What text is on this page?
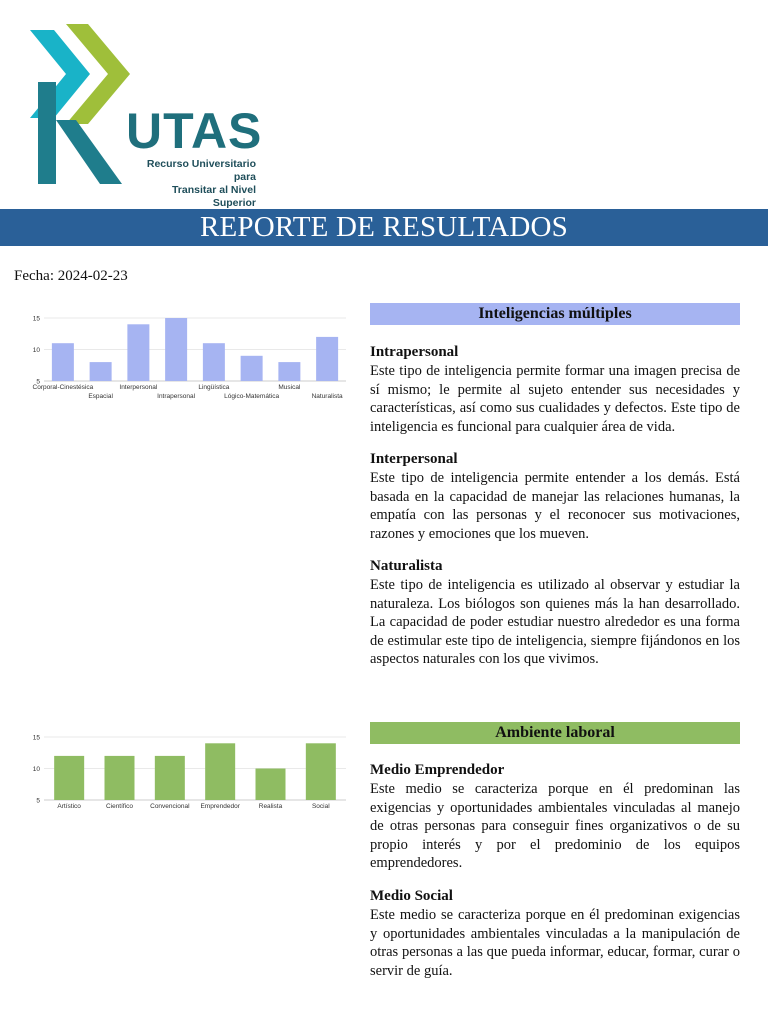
UTAS
Recurso Universitario para
Transitar al Nivel Superior
REPORTE DE RESULTADOS
Fecha: 2024-02-23
5
10
15
Corporal-Cinestésica
Espacial
Interpersonal
Intrapersonal
Lingüística
Lógico-Matemática
Musical
Naturalista
5
10
15
Artístico	Científico	Convencional Emprendedor	Realista	Social
Inteligencias múltiples
Intrapersonal

Este tipo de inteligencia permite formar una imagen precisa de sí mismo; le permite al sujeto entender sus necesidades y características, así como sus cualidades y defectos. Este tipo de inteligencia es funcional para cualquier área de vida.

Interpersonal

Este tipo de inteligencia permite entender a los demás. Está basada en la capacidad de manejar las relaciones humanas, la empatía con las personas y el reconocer sus motivaciones, razones y emociones que los mueven.

Naturalista

Este tipo de inteligencia es utilizado al observar y estudiar la naturaleza. Los biólogos son quienes más la han desarrollado. La capacidad de poder estudiar nuestro alrededor es una forma de estimular este tipo de inteligencia, siempre fijándonos en los aspectos naturales con los que vivimos.

Ambiente laboral
Medio Emprendedor

Este medio se caracteriza porque en él predominan las exigencias y oportunidades ambientales vinculadas al manejo de otras personas para conseguir fines organizativos o de su propio interés y por el predominio de los equipos emprendedores.

Medio Social

Este medio se caracteriza porque en él predominan exigencias y oportunidades ambientales vinculadas a la manipulación de otras personas a las que pueda informar, educar, formar, curar o servir de guía.
